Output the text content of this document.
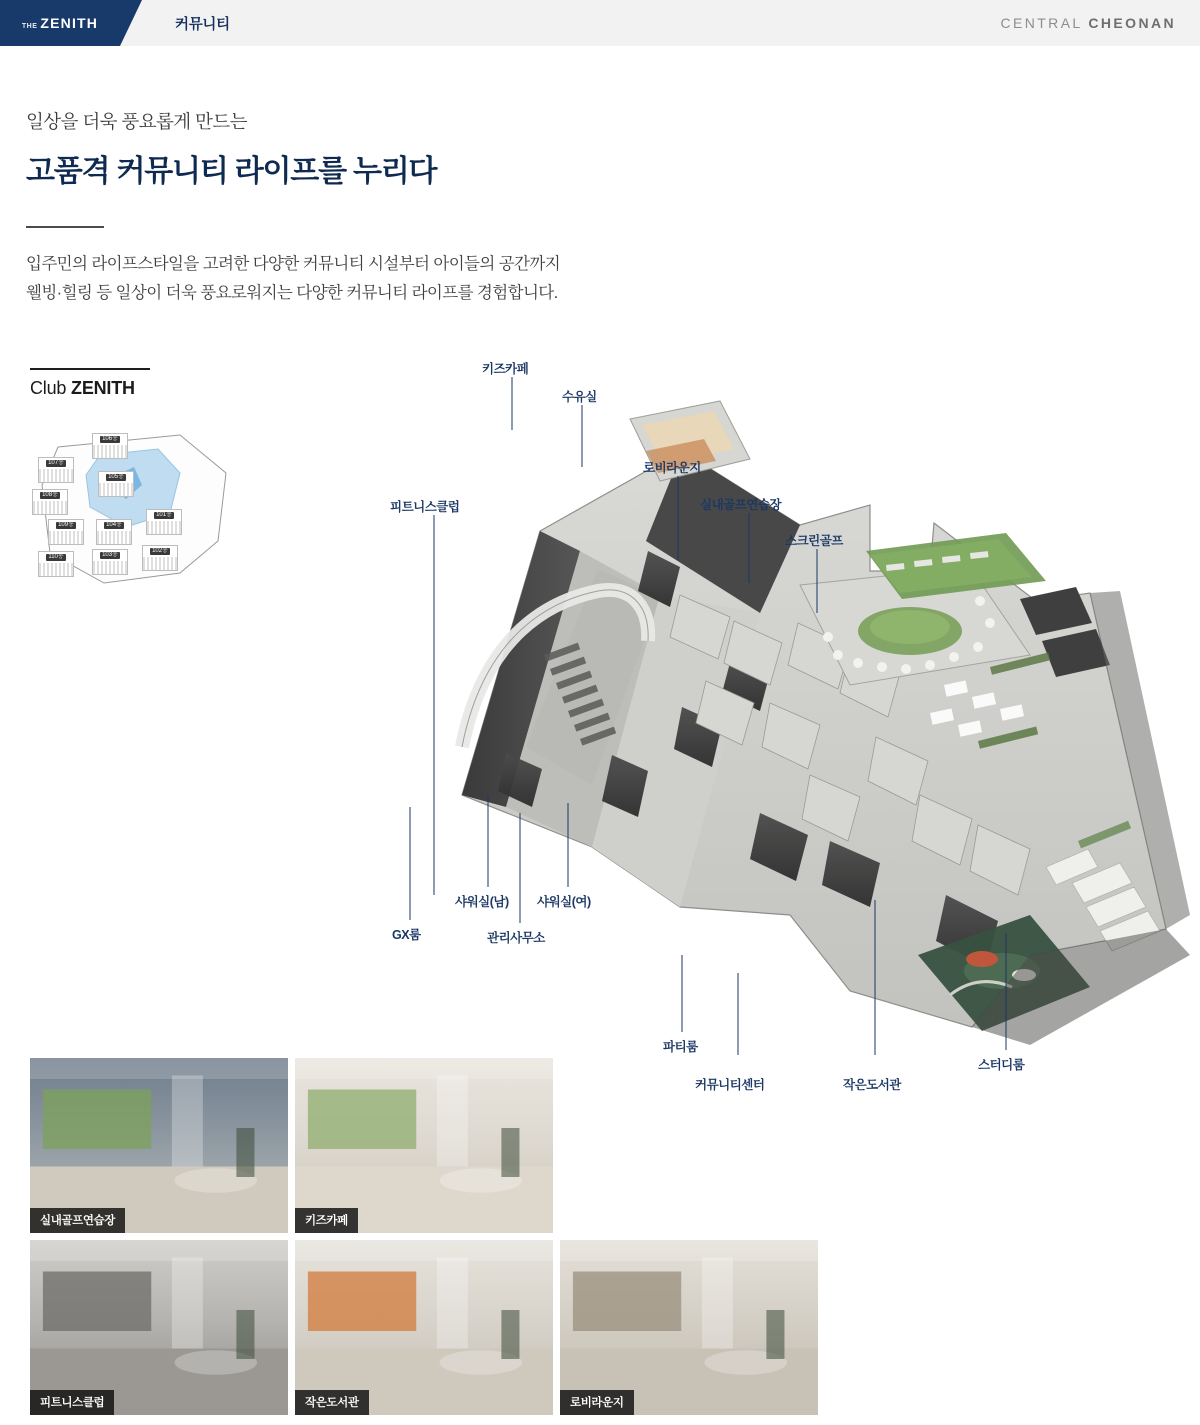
THE ZENITH	커뮤니티	CENTRAL CHEONAN
일상을 더욱 풍요롭게 만드는
고품격 커뮤니티 라이프를 누리다
입주민의 라이프스타일을 고려한 다양한 커뮤니티 시설부터 아이들의 공간까지
웰빙·힐링 등 일상이 더욱 풍요로워지는 다양한 커뮤니티 라이프를 경험합니다.
Club ZENITH
107동
106동
108동
105동
109동	104동
101동
110동	103동
102동
키즈카페
수유실
로비라운지
실내골프연습장
스크린골프
피트니스클럽
GX룸
샤워실(남)
관리사무소
샤워실(여)
파티룸
커뮤니티센터	작은도서관
스터디룸
실내골프연습장	키즈카페
피트니스클럽	작은도서관	로비라운지
